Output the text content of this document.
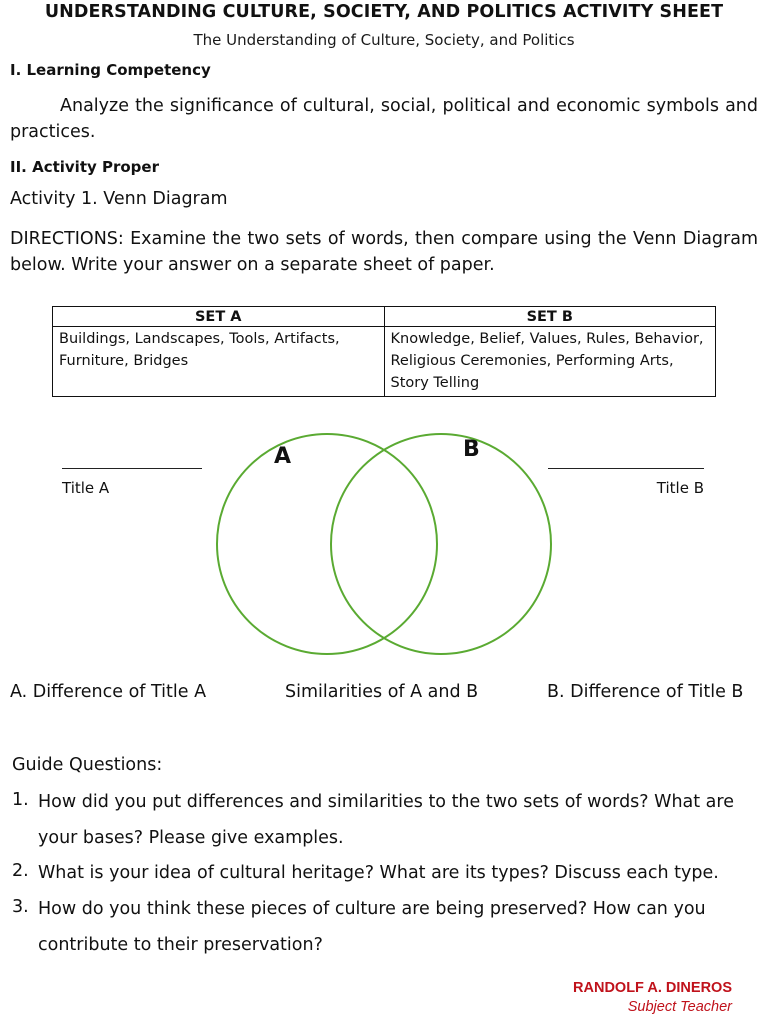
UNDERSTANDING CULTURE, SOCIETY, AND POLITICS ACTIVITY SHEET
The Understanding of Culture, Society, and Politics
I. Learning Competency
Analyze the significance of cultural, social, political and economic symbols and practices.
II. Activity Proper
Activity 1. Venn Diagram
DIRECTIONS: Examine the two sets of words, then compare using the Venn Diagram below. Write your answer on a separate sheet of paper.
SET A	SET B
Buildings, Landscapes, Tools, Artifacts, Furniture, Bridges	Knowledge, Belief, Values, Rules, Behavior, Religious Ceremonies, Performing Arts, Story Telling
A	B
Title A	Title B
A. Difference of Title A	Similarities of A and B	B. Difference of Title B
Guide Questions:
1. How did you put differences and similarities to the two sets of words? What are your bases? Please give examples.
2. What is your idea of cultural heritage? What are its types? Discuss each type.
3. How do you think these pieces of culture are being preserved? How can you contribute to their preservation?
RANDOLF A. DINEROS
Subject Teacher
